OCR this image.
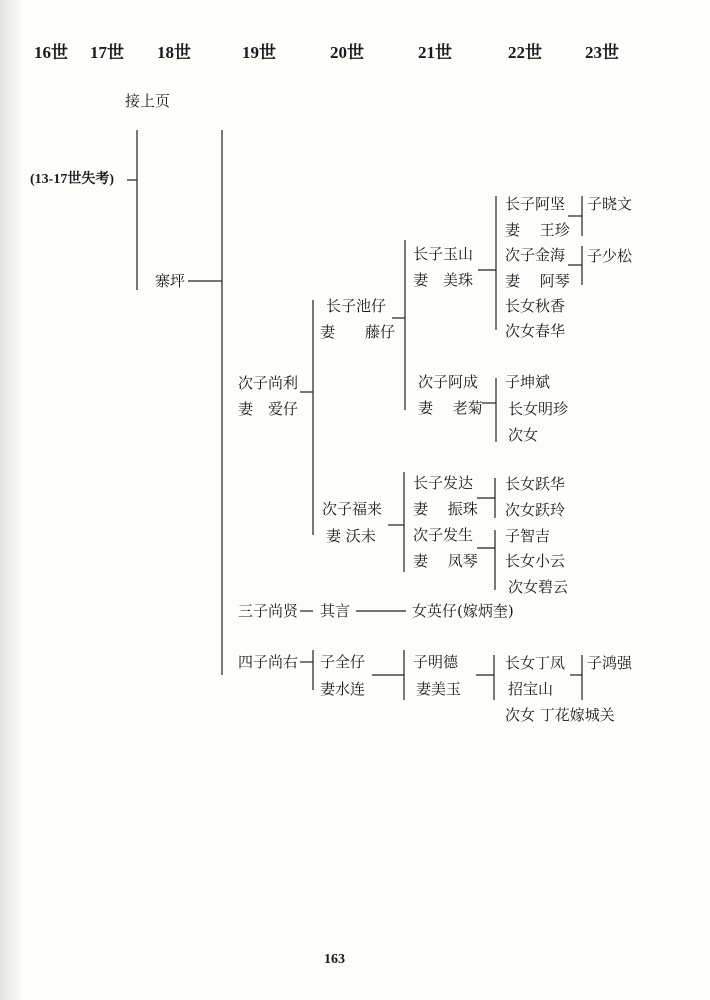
16世 17世 18世	19世	20世	21世	22世	23世
接上页
(13-17世失考)
寨坪
次子尚利
妻　爱仔
长子池仔
妻　　藤仔
长子玉山
妻　美珠
长子阿坚
妻　 王珍
子晓文
次子金海
妻　 阿琴
子少松
长女秋香
次女春华
次子阿成
妻　 老菊
子坤斌
长女明珍
次女
次子福来
妻 沃未
长子发达
妻　 振珠
长女跃华
次女跃玲
次子发生
妻　 凤琴
子智吉
长女小云
次女碧云
三子尚贤 其言	女英仔(嫁炳奎)
四子尚右 子全仔
妻水连
子明德
妻美玉
长女丁凤
招宝山
子鸿强
次女 丁花嫁城关
163
